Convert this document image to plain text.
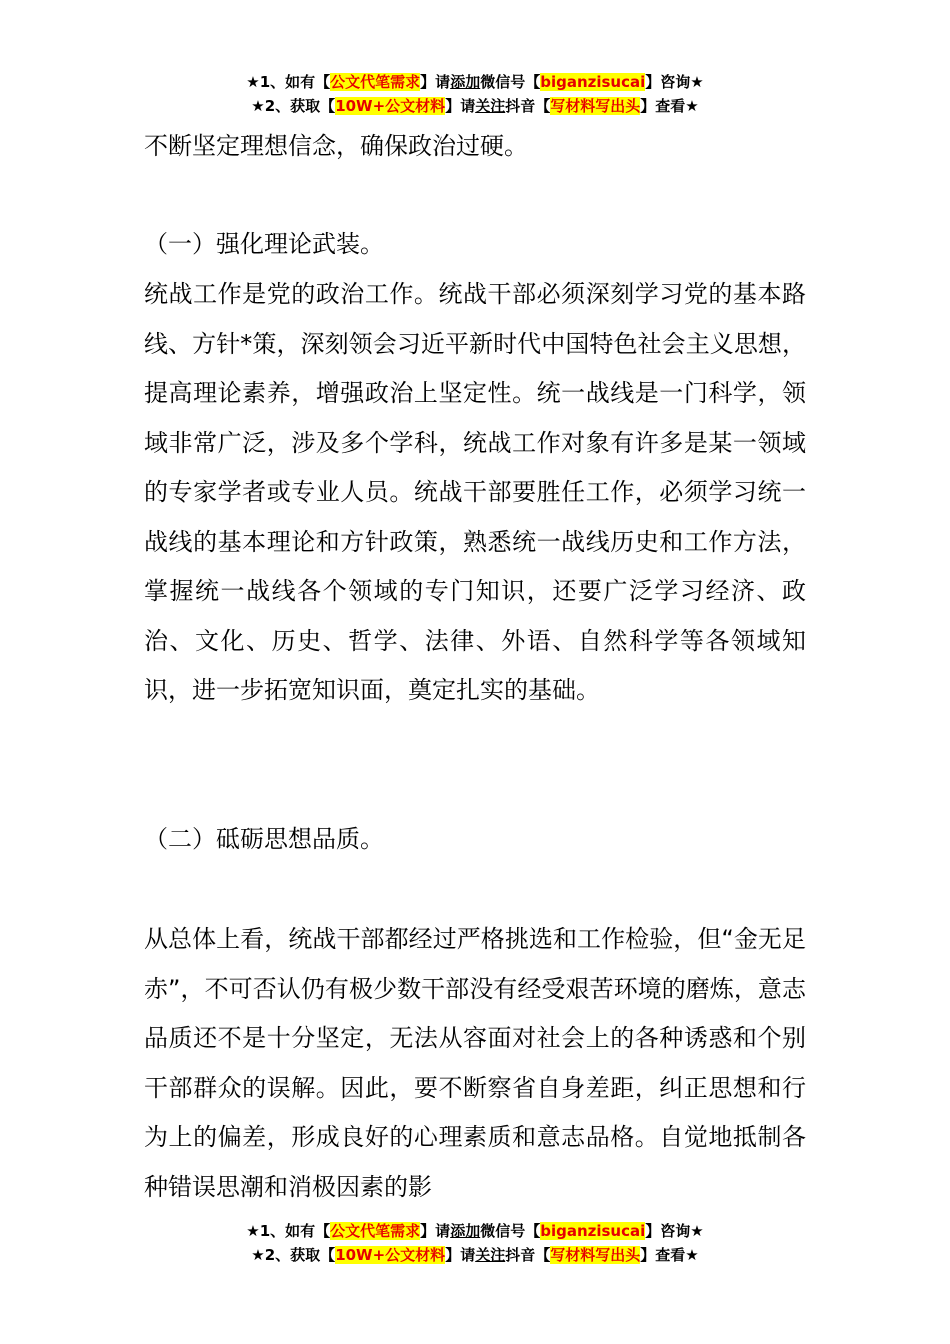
★1、如有【公文代笔需求】请添加微信号【biganzisucai】咨询★
★2、获取【10W+公文材料】请关注抖音【写材料写出头】查看★

不断坚定理想信念，确保政治过硬。

（一）强化理论武装。

统战工作是党的政治工作。统战干部必须深刻学习党的基本路线、方针*策，深刻领会习近平新时代中国特色社会主义思想，提高理论素养，增强政治上坚定性。统一战线是一门科学，领域非常广泛，涉及多个学科，统战工作对象有许多是某一领域的专家学者或专业人员。统战干部要胜任工作，必须学习统一战线的基本理论和方针政策，熟悉统一战线历史和工作方法，掌握统一战线各个领域的专门知识，还要广泛学习经济、政治、文化、历史、哲学、法律、外语、自然科学等各领域知识，进一步拓宽知识面，奠定扎实的基础。

（二）砥砺思想品质。

从总体上看，统战干部都经过严格挑选和工作检验，但“金无足赤”，不可否认仍有极少数干部没有经受艰苦环境的磨炼，意志品质还不是十分坚定，无法从容面对社会上的各种诱惑和个别干部群众的误解。因此，要不断察省自身差距，纠正思想和行为上的偏差，形成良好的心理素质和意志品格。自觉地抵制各种错误思潮和消极因素的影

★1、如有【公文代笔需求】请添加微信号【biganzisucai】咨询★
★2、获取【10W+公文材料】请关注抖音【写材料写出头】查看★
